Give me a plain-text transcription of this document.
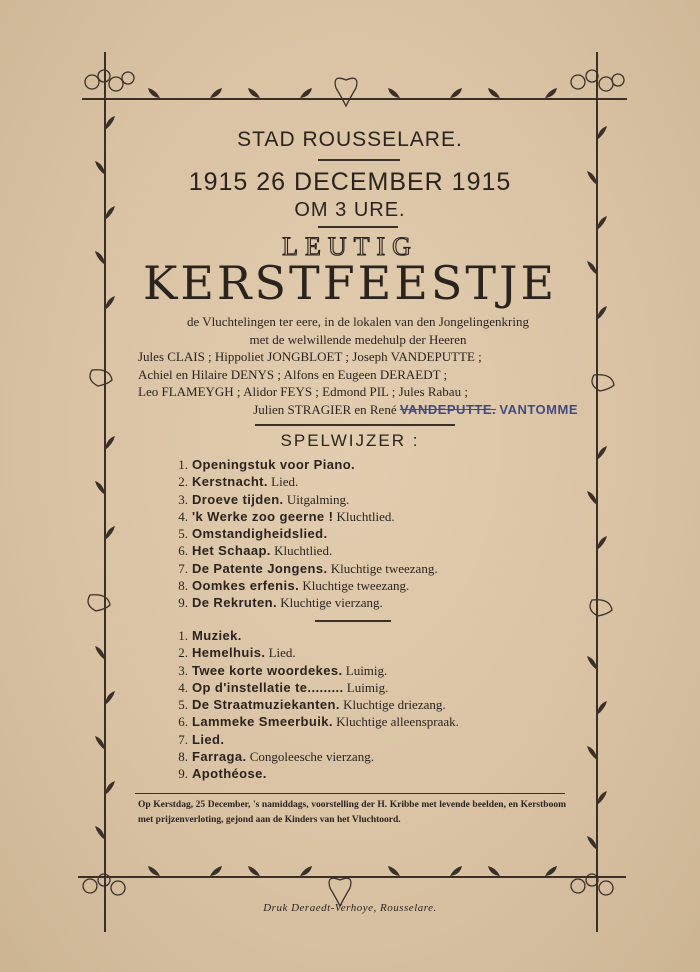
STAD ROUSSELARE.
1915 26 DECEMBER 1915
OM 3 URE.
LEUTIG
KERSTFEESTJE
de Vluchtelingen ter eere, in de lokalen van den Jongelingenkring
met de welwillende medehulp der Heeren
Jules CLAIS ; Hippoliet JONGBLOET ; Joseph VANDEPUTTE ;
Achiel en Hilaire DENYS ; Alfons en Eugeen DERAEDT ;
Leo FLAMEYGH ; Alidor FEYS ; Edmond PIL ; Jules Rabau ;
Julien STRAGIER en René VANDEPUTTE. VANTOMME
SPELWIJZER :
1. Openingstuk voor Piano.
2. Kerstnacht. Lied.
3. Droeve tijden. Uitgalming.
4. 'k Werke zoo geerne ! Kluchtlied.
5. Omstandigheidslied.
6. Het Schaap. Kluchtlied.
7. De Patente Jongens. Kluchtige tweezang.
8. Oomkes erfenis. Kluchtige tweezang.
9. De Rekruten. Kluchtige vierzang.
1. Muziek.
2. Hemelhuis. Lied.
3. Twee korte woordekes. Luimig.
4. Op d'instellatie te......... Luimig.
5. De Straatmuziekanten. Kluchtige driezang.
6. Lammeke Smeerbuik. Kluchtige alleenspraak.
7. Lied.
8. Farraga. Congoleesche vierzang.
9. Apothéose.
Op Kerstdag, 25 December, 's namiddags, voorstelling der H. Kribbe met levende beelden, en Kerstboom met prijzenverloting, gejond aan de Kinders van het Vluchtoord.
Druk Deraedt-Verhoye, Rousselare.
